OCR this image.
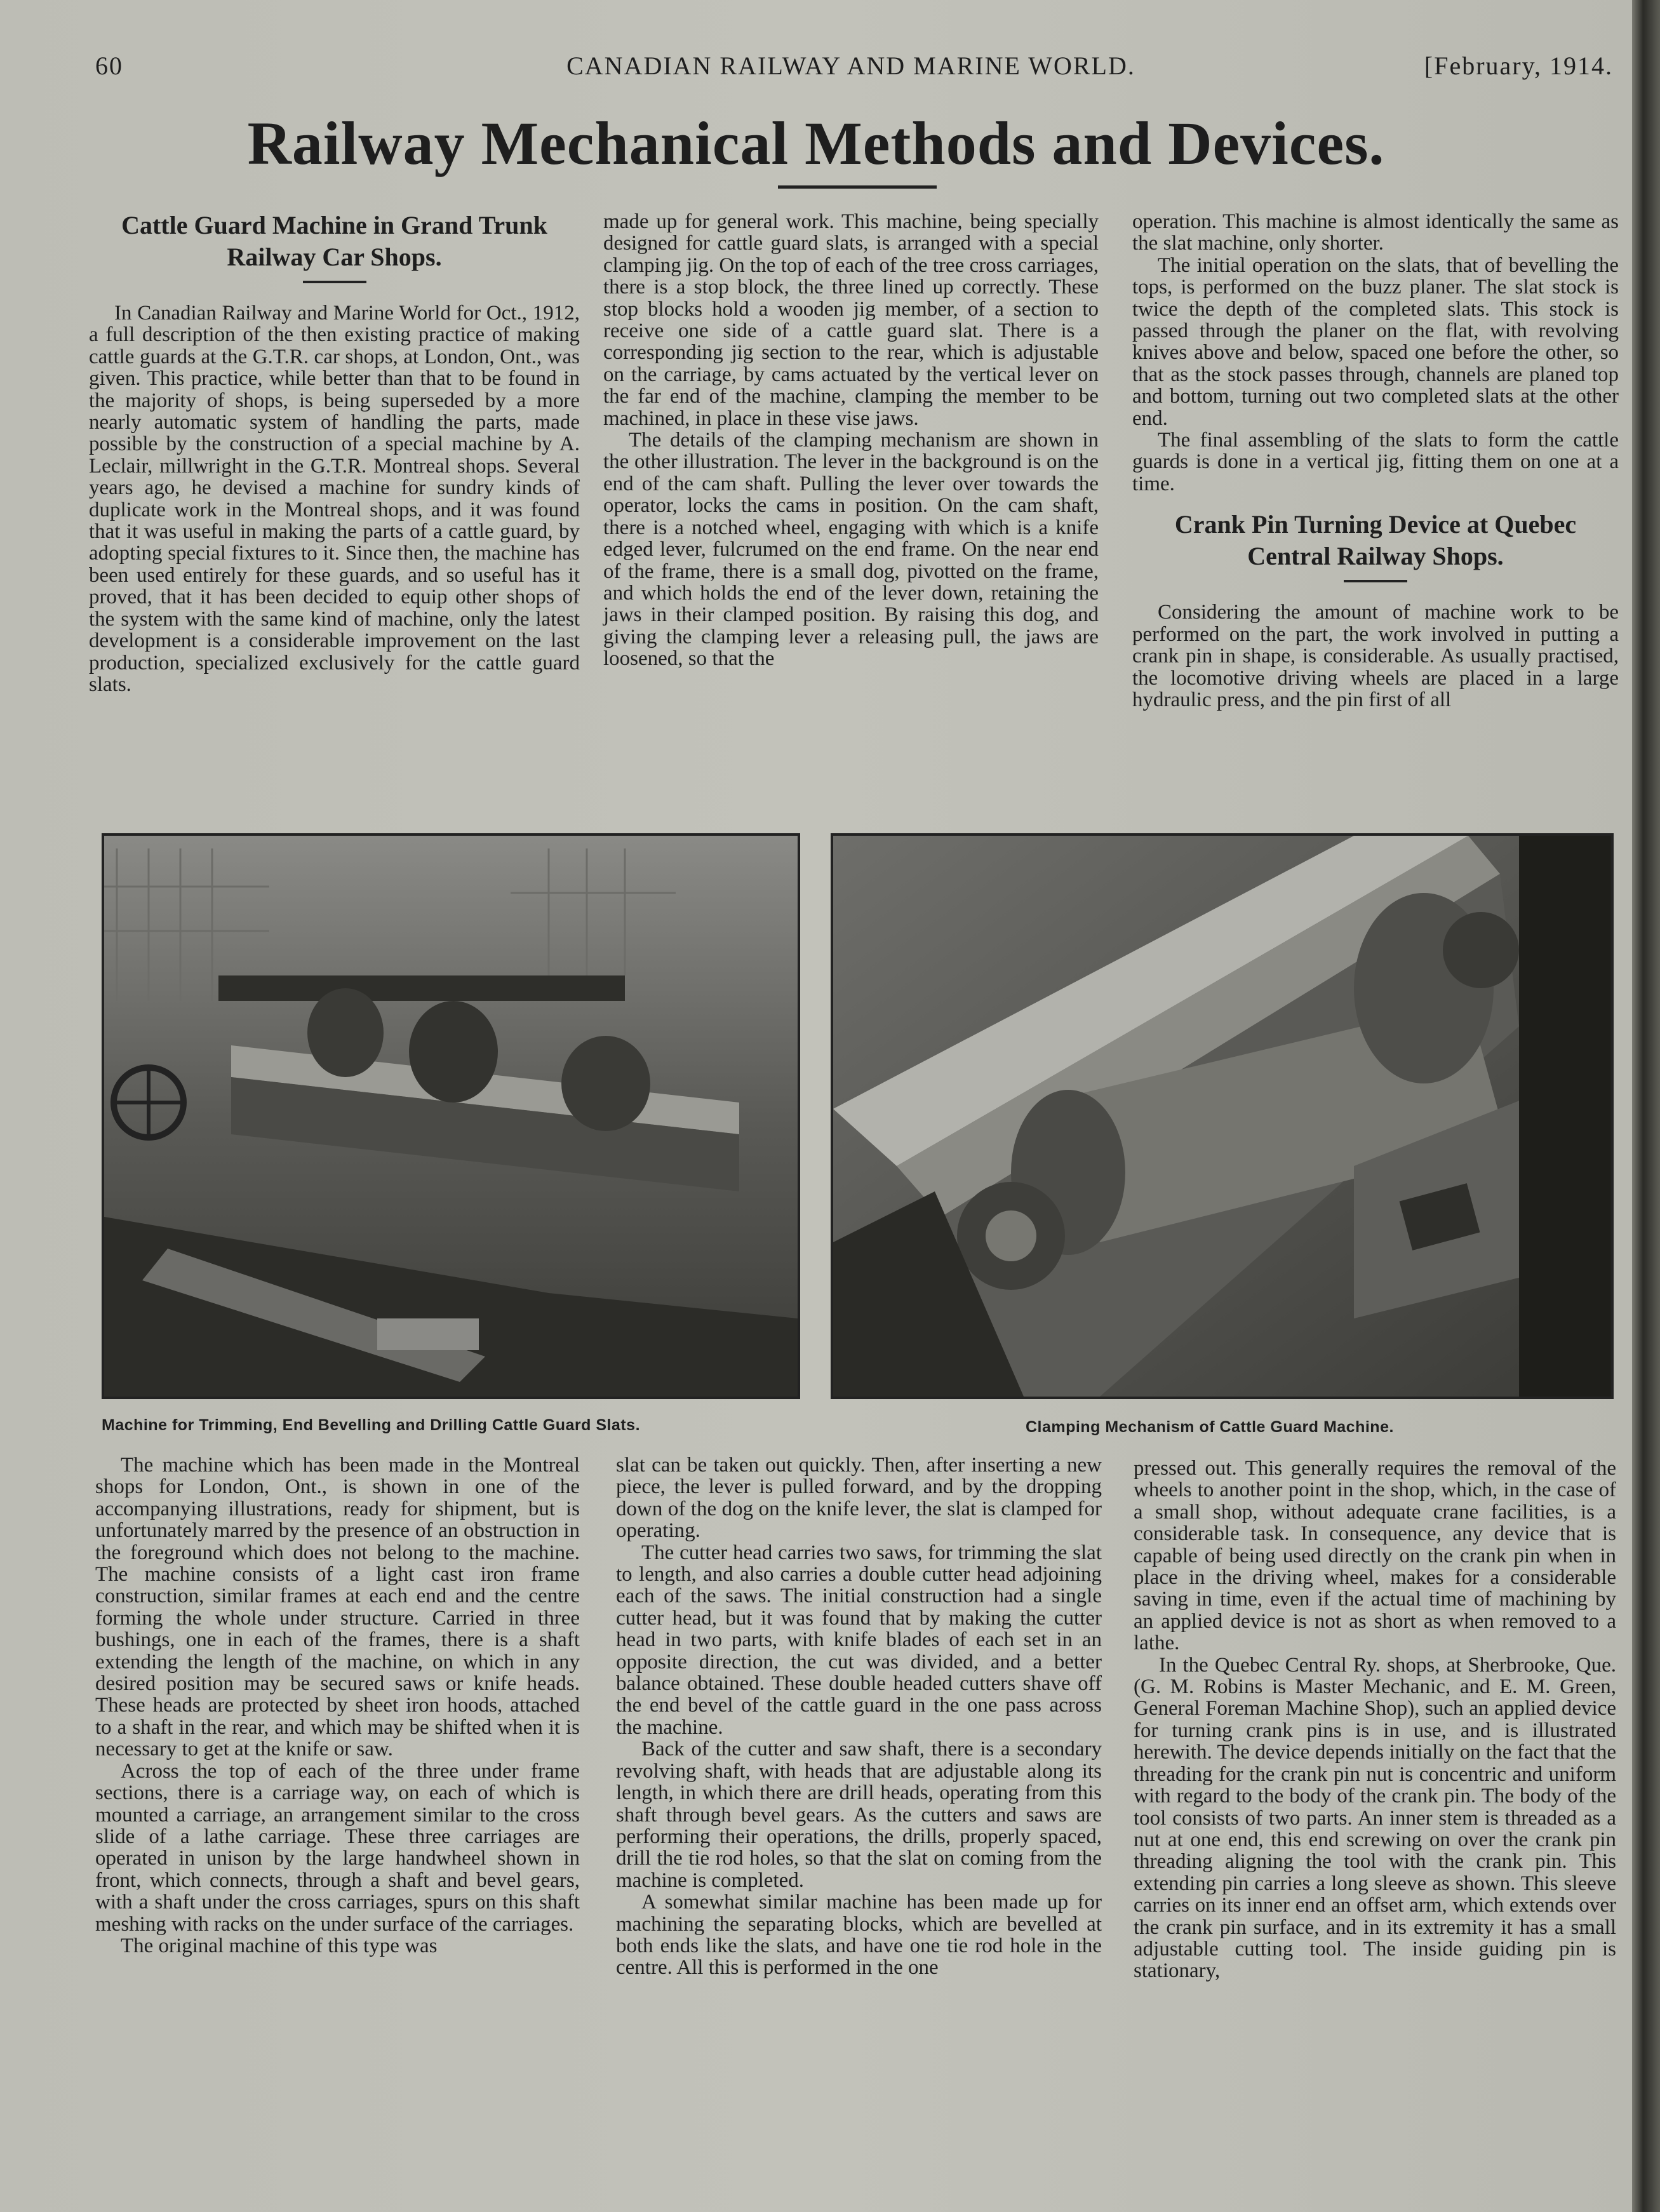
60	CANADIAN RAILWAY AND MARINE WORLD.	[February, 1914.
Railway Mechanical Methods and Devices.
Cattle Guard Machine in Grand Trunk Railway Car Shops.

In Canadian Railway and Marine World for Oct., 1912, a full description of the then existing practice of making cattle guards at the G.T.R. car shops, at London, Ont., was given. This practice, while better than that to be found in the majority of shops, is being superseded by a more nearly automatic system of handling the parts, made possible by the construction of a special machine by A. Leclair, millwright in the G.T.R. Montreal shops. Several years ago, he devised a machine for sundry kinds of duplicate work in the Montreal shops, and it was found that it was useful in making the parts of a cattle guard, by adopting special fixtures to it. Since then, the machine has been used entirely for these guards, and so useful has it proved, that it has been decided to equip other shops of the system with the same kind of machine, only the latest development is a considerable improvement on the last production, specialized exclusively for the cattle guard slats.

made up for general work. This machine, being specially designed for cattle guard slats, is arranged with a special clamping jig. On the top of each of the tree cross carriages, there is a stop block, the three lined up correctly. These stop blocks hold a wooden jig member, of a section to receive one side of a cattle guard slat. There is a corresponding jig section to the rear, which is adjustable on the carriage, by cams actuated by the vertical lever on the far end of the machine, clamping the member to be machined, in place in these vise jaws.

The details of the clamping mechanism are shown in the other illustration. The lever in the background is on the end of the cam shaft. Pulling the lever over towards the operator, locks the cams in position. On the cam shaft, there is a notched wheel, engaging with which is a knife edged lever, fulcrumed on the end frame. On the near end of the frame, there is a small dog, pivotted on the frame, and which holds the end of the lever down, retaining the jaws in their clamped position. By raising this dog, and giving the clamping lever a releasing pull, the jaws are loosened, so that the

operation. This machine is almost identically the same as the slat machine, only shorter.

The initial operation on the slats, that of bevelling the tops, is performed on the buzz planer. The slat stock is twice the depth of the completed slats. This stock is passed through the planer on the flat, with revolving knives above and below, spaced one before the other, so that as the stock passes through, channels are planed top and bottom, turning out two completed slats at the other end.

The final assembling of the slats to form the cattle guards is done in a vertical jig, fitting them on one at a time.

Crank Pin Turning Device at Quebec Central Railway Shops.

Considering the amount of machine work to be performed on the part, the work involved in putting a crank pin in shape, is considerable. As usually practised, the locomotive driving wheels are placed in a large hydraulic press, and the pin first of all

Machine for Trimming, End Bevelling and Drilling Cattle Guard Slats.	Clamping Mechanism of Cattle Guard Machine.

The machine which has been made in the Montreal shops for London, Ont., is shown in one of the accompanying illustrations, ready for shipment, but is unfortunately marred by the presence of an obstruction in the foreground which does not belong to the machine. The machine consists of a light cast iron frame construction, similar frames at each end and the centre forming the whole under structure. Carried in three bushings, one in each of the frames, there is a shaft extending the length of the machine, on which in any desired position may be secured saws or knife heads. These heads are protected by sheet iron hoods, attached to a shaft in the rear, and which may be shifted when it is necessary to get at the knife or saw.

Across the top of each of the three under frame sections, there is a carriage way, on each of which is mounted a carriage, an arrangement similar to the cross slide of a lathe carriage. These three carriages are operated in unison by the large handwheel shown in front, which connects, through a shaft and bevel gears, with a shaft under the cross carriages, spurs on this shaft meshing with racks on the under surface of the carriages.

The original machine of this type was

slat can be taken out quickly. Then, after inserting a new piece, the lever is pulled forward, and by the dropping down of the dog on the knife lever, the slat is clamped for operating.

The cutter head carries two saws, for trimming the slat to length, and also carries a double cutter head adjoining each of the saws. The initial construction had a single cutter head, but it was found that by making the cutter head in two parts, with knife blades of each set in an opposite direction, the cut was divided, and a better balance obtained. These double headed cutters shave off the end bevel of the cattle guard in the one pass across the machine.

Back of the cutter and saw shaft, there is a secondary revolving shaft, with heads that are adjustable along its length, in which there are drill heads, operating from this shaft through bevel gears. As the cutters and saws are performing their operations, the drills, properly spaced, drill the tie rod holes, so that the slat on coming from the machine is completed.

A somewhat similar machine has been made up for machining the separating blocks, which are bevelled at both ends like the slats, and have one tie rod hole in the centre. All this is performed in the one

pressed out. This generally requires the removal of the wheels to another point in the shop, which, in the case of a small shop, without adequate crane facilities, is a considerable task. In consequence, any device that is capable of being used directly on the crank pin when in place in the driving wheel, makes for a considerable saving in time, even if the actual time of machining by an applied device is not as short as when removed to a lathe.

In the Quebec Central Ry. shops, at Sherbrooke, Que. (G. M. Robins is Master Mechanic, and E. M. Green, General Foreman Machine Shop), such an applied device for turning crank pins is in use, and is illustrated herewith. The device depends initially on the fact that the threading for the crank pin nut is concentric and uniform with regard to the body of the crank pin. The body of the tool consists of two parts. An inner stem is threaded as a nut at one end, this end screwing on over the crank pin threading aligning the tool with the crank pin. This extending pin carries a long sleeve as shown. This sleeve carries on its inner end an offset arm, which extends over the crank pin surface, and in its extremity it has a small adjustable cutting tool. The inside guiding pin is stationary,
